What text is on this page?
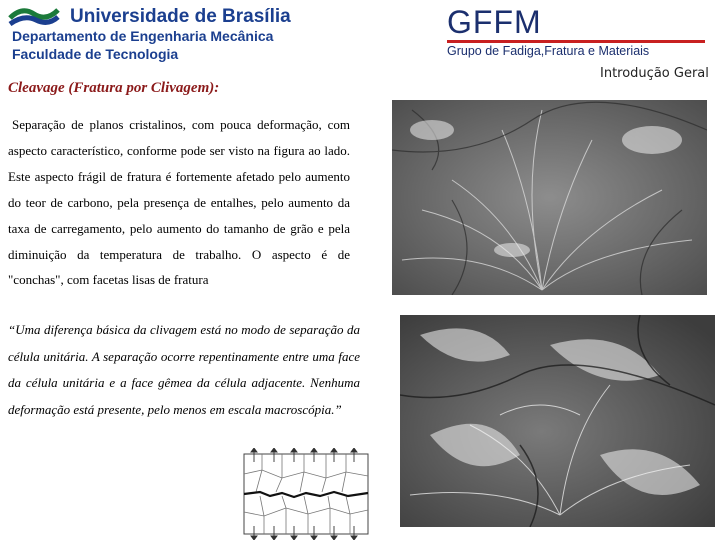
Universidade de Brasília
Departamento de Engenharia Mecânica
Faculdade de Tecnologia
GFFM
Grupo de Fadiga,Fratura e Materiais
Introdução Geral
Cleavage (Fratura por Clivagem):
Separação de planos cristalinos, com pouca deformação, com aspecto característico, conforme pode ser visto na figura ao lado. Este aspecto frágil de fratura é fortemente afetado pelo aumento do teor de carbono, pela presença de entalhes, pelo aumento da taxa de carregamento, pelo aumento do tamanho de grão e pela diminuição da temperatura de trabalho. O aspecto é de "conchas", com facetas lisas de fratura
“Uma diferença básica da clivagem está no modo de separação da célula unitária. A separação ocorre repentinamente entre uma face da célula unitária e a face gêmea da célula adjacente. Nenhuma deformação está presente, pelo menos em escala macroscópia.”
